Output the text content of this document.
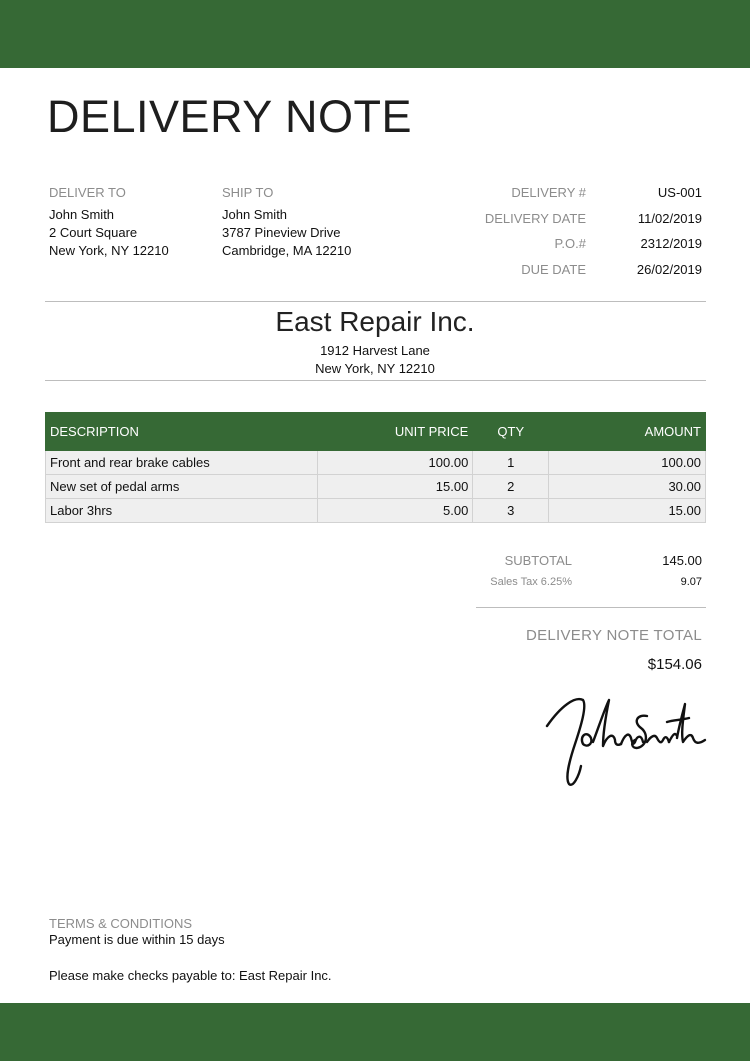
DELIVERY NOTE
DELIVER TO
John Smith
2 Court Square
New York, NY 12210
SHIP TO
John Smith
3787 Pineview Drive
Cambridge, MA 12210
DELIVERY #	US-001
DELIVERY DATE	11/02/2019
P.O.#	2312/2019
DUE DATE	26/02/2019
East Repair Inc.
1912 Harvest Lane
New York, NY 12210
DESCRIPTION	UNIT PRICE	QTY	AMOUNT
Front and rear brake cables	100.00	1	100.00
New set of pedal arms	15.00	2	30.00
Labor 3hrs	5.00	3	15.00
SUBTOTAL	145.00
Sales Tax 6.25%	9.07
DELIVERY NOTE TOTAL
$154.06
TERMS & CONDITIONS
Payment is due within 15 days
Please make checks payable to: East Repair Inc.
